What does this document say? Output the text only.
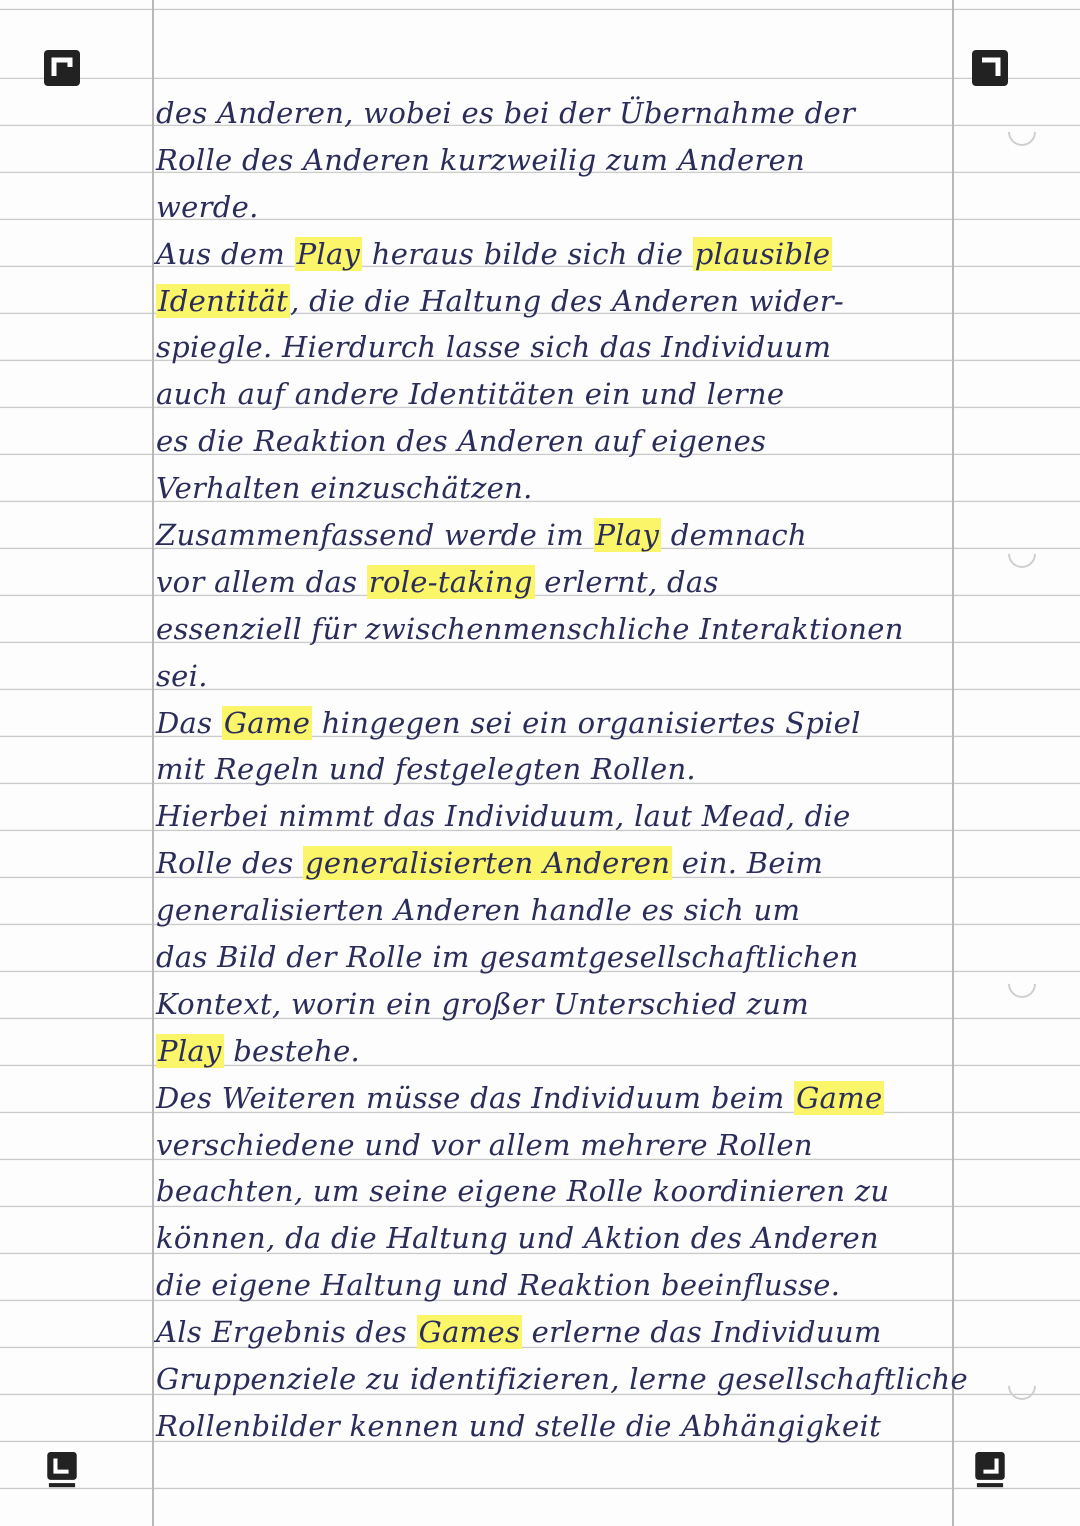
des Anderen, wobei es bei der Übernahme der
Rolle des Anderen kurzweilig zum Anderen
werde.
Aus dem Play heraus bilde sich die plausible
Identität, die die Haltung des Anderen wider-
spiegle. Hierdurch lasse sich das Individuum
auch auf andere Identitäten ein und lerne
es die Reaktion des Anderen auf eigenes
Verhalten einzuschätzen.
Zusammenfassend werde im Play demnach
vor allem das role-taking erlernt, das
essenziell für zwischenmenschliche Interaktionen
sei.
Das Game hingegen sei ein organisiertes Spiel
mit Regeln und festgelegten Rollen.
Hierbei nimmt das Individuum, laut Mead, die
Rolle des generalisierten Anderen ein. Beim
generalisierten Anderen handle es sich um
das Bild der Rolle im gesamtgesellschaftlichen
Kontext, worin ein großer Unterschied zum
Play bestehe.
Des Weiteren müsse das Individuum beim Game
verschiedene und vor allem mehrere Rollen
beachten, um seine eigene Rolle koordinieren zu
können, da die Haltung und Aktion des Anderen
die eigene Haltung und Reaktion beeinflusse.
Als Ergebnis des Games erlerne das Individuum
Gruppenziele zu identifizieren, lerne gesellschaftliche
Rollenbilder kennen und stelle die Abhängigkeit
